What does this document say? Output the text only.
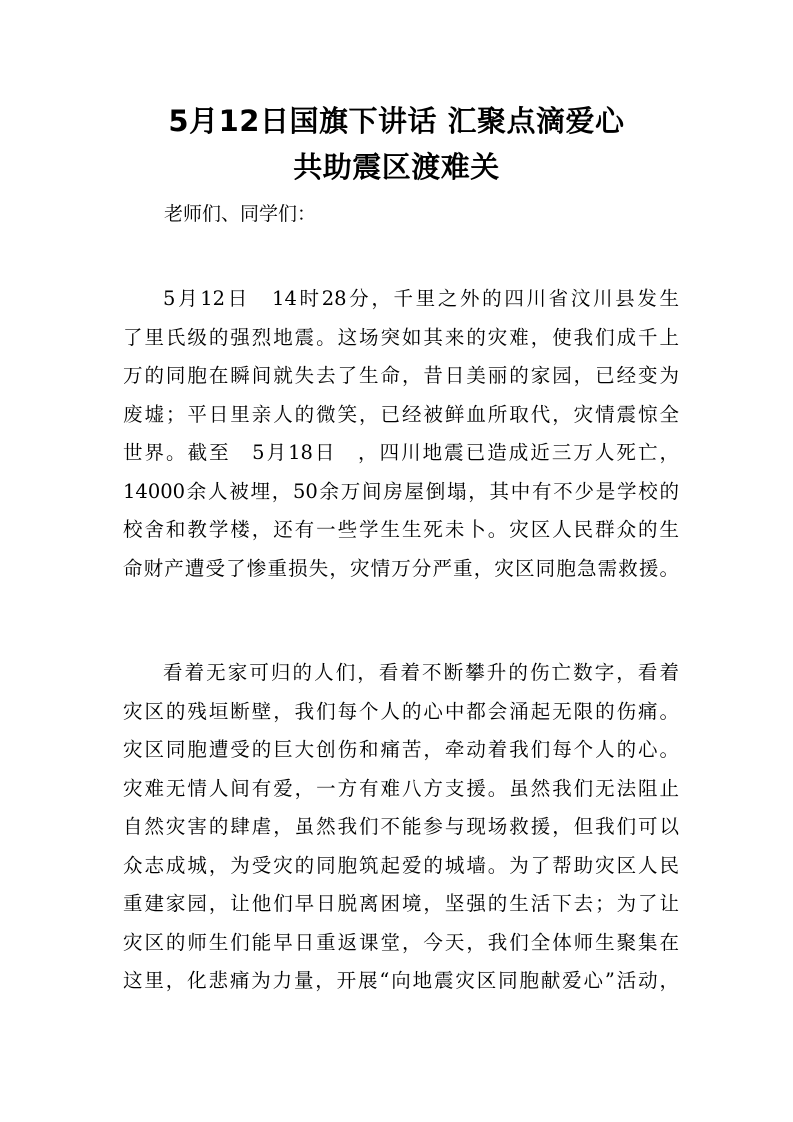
5月12日国旗下讲话 汇聚点滴爱心
共助震区渡难关
老师们、同学们：
5月12日　14时28分，千里之外的四川省汶川县发生
了里氏级的强烈地震。这场突如其来的灾难，使我们成千上
万的同胞在瞬间就失去了生命，昔日美丽的家园，已经变为
废墟；平日里亲人的微笑，已经被鲜血所取代，灾情震惊全
世界。截至　5月18日　，四川地震已造成近三万人死亡，
14000余人被埋，50余万间房屋倒塌，其中有不少是学校的
校舍和教学楼，还有一些学生生死未卜。灾区人民群众的生
命财产遭受了惨重损失，灾情万分严重，灾区同胞急需救援。
看着无家可归的人们，看着不断攀升的伤亡数字，看着
灾区的残垣断壁，我们每个人的心中都会涌起无限的伤痛。
灾区同胞遭受的巨大创伤和痛苦，牵动着我们每个人的心。
灾难无情人间有爱，一方有难八方支援。虽然我们无法阻止
自然灾害的肆虐，虽然我们不能参与现场救援，但我们可以
众志成城，为受灾的同胞筑起爱的城墙。为了帮助灾区人民
重建家园，让他们早日脱离困境，坚强的生活下去；为了让
灾区的师生们能早日重返课堂，今天，我们全体师生聚集在
这里，化悲痛为力量，开展“向地震灾区同胞献爱心”活动，
